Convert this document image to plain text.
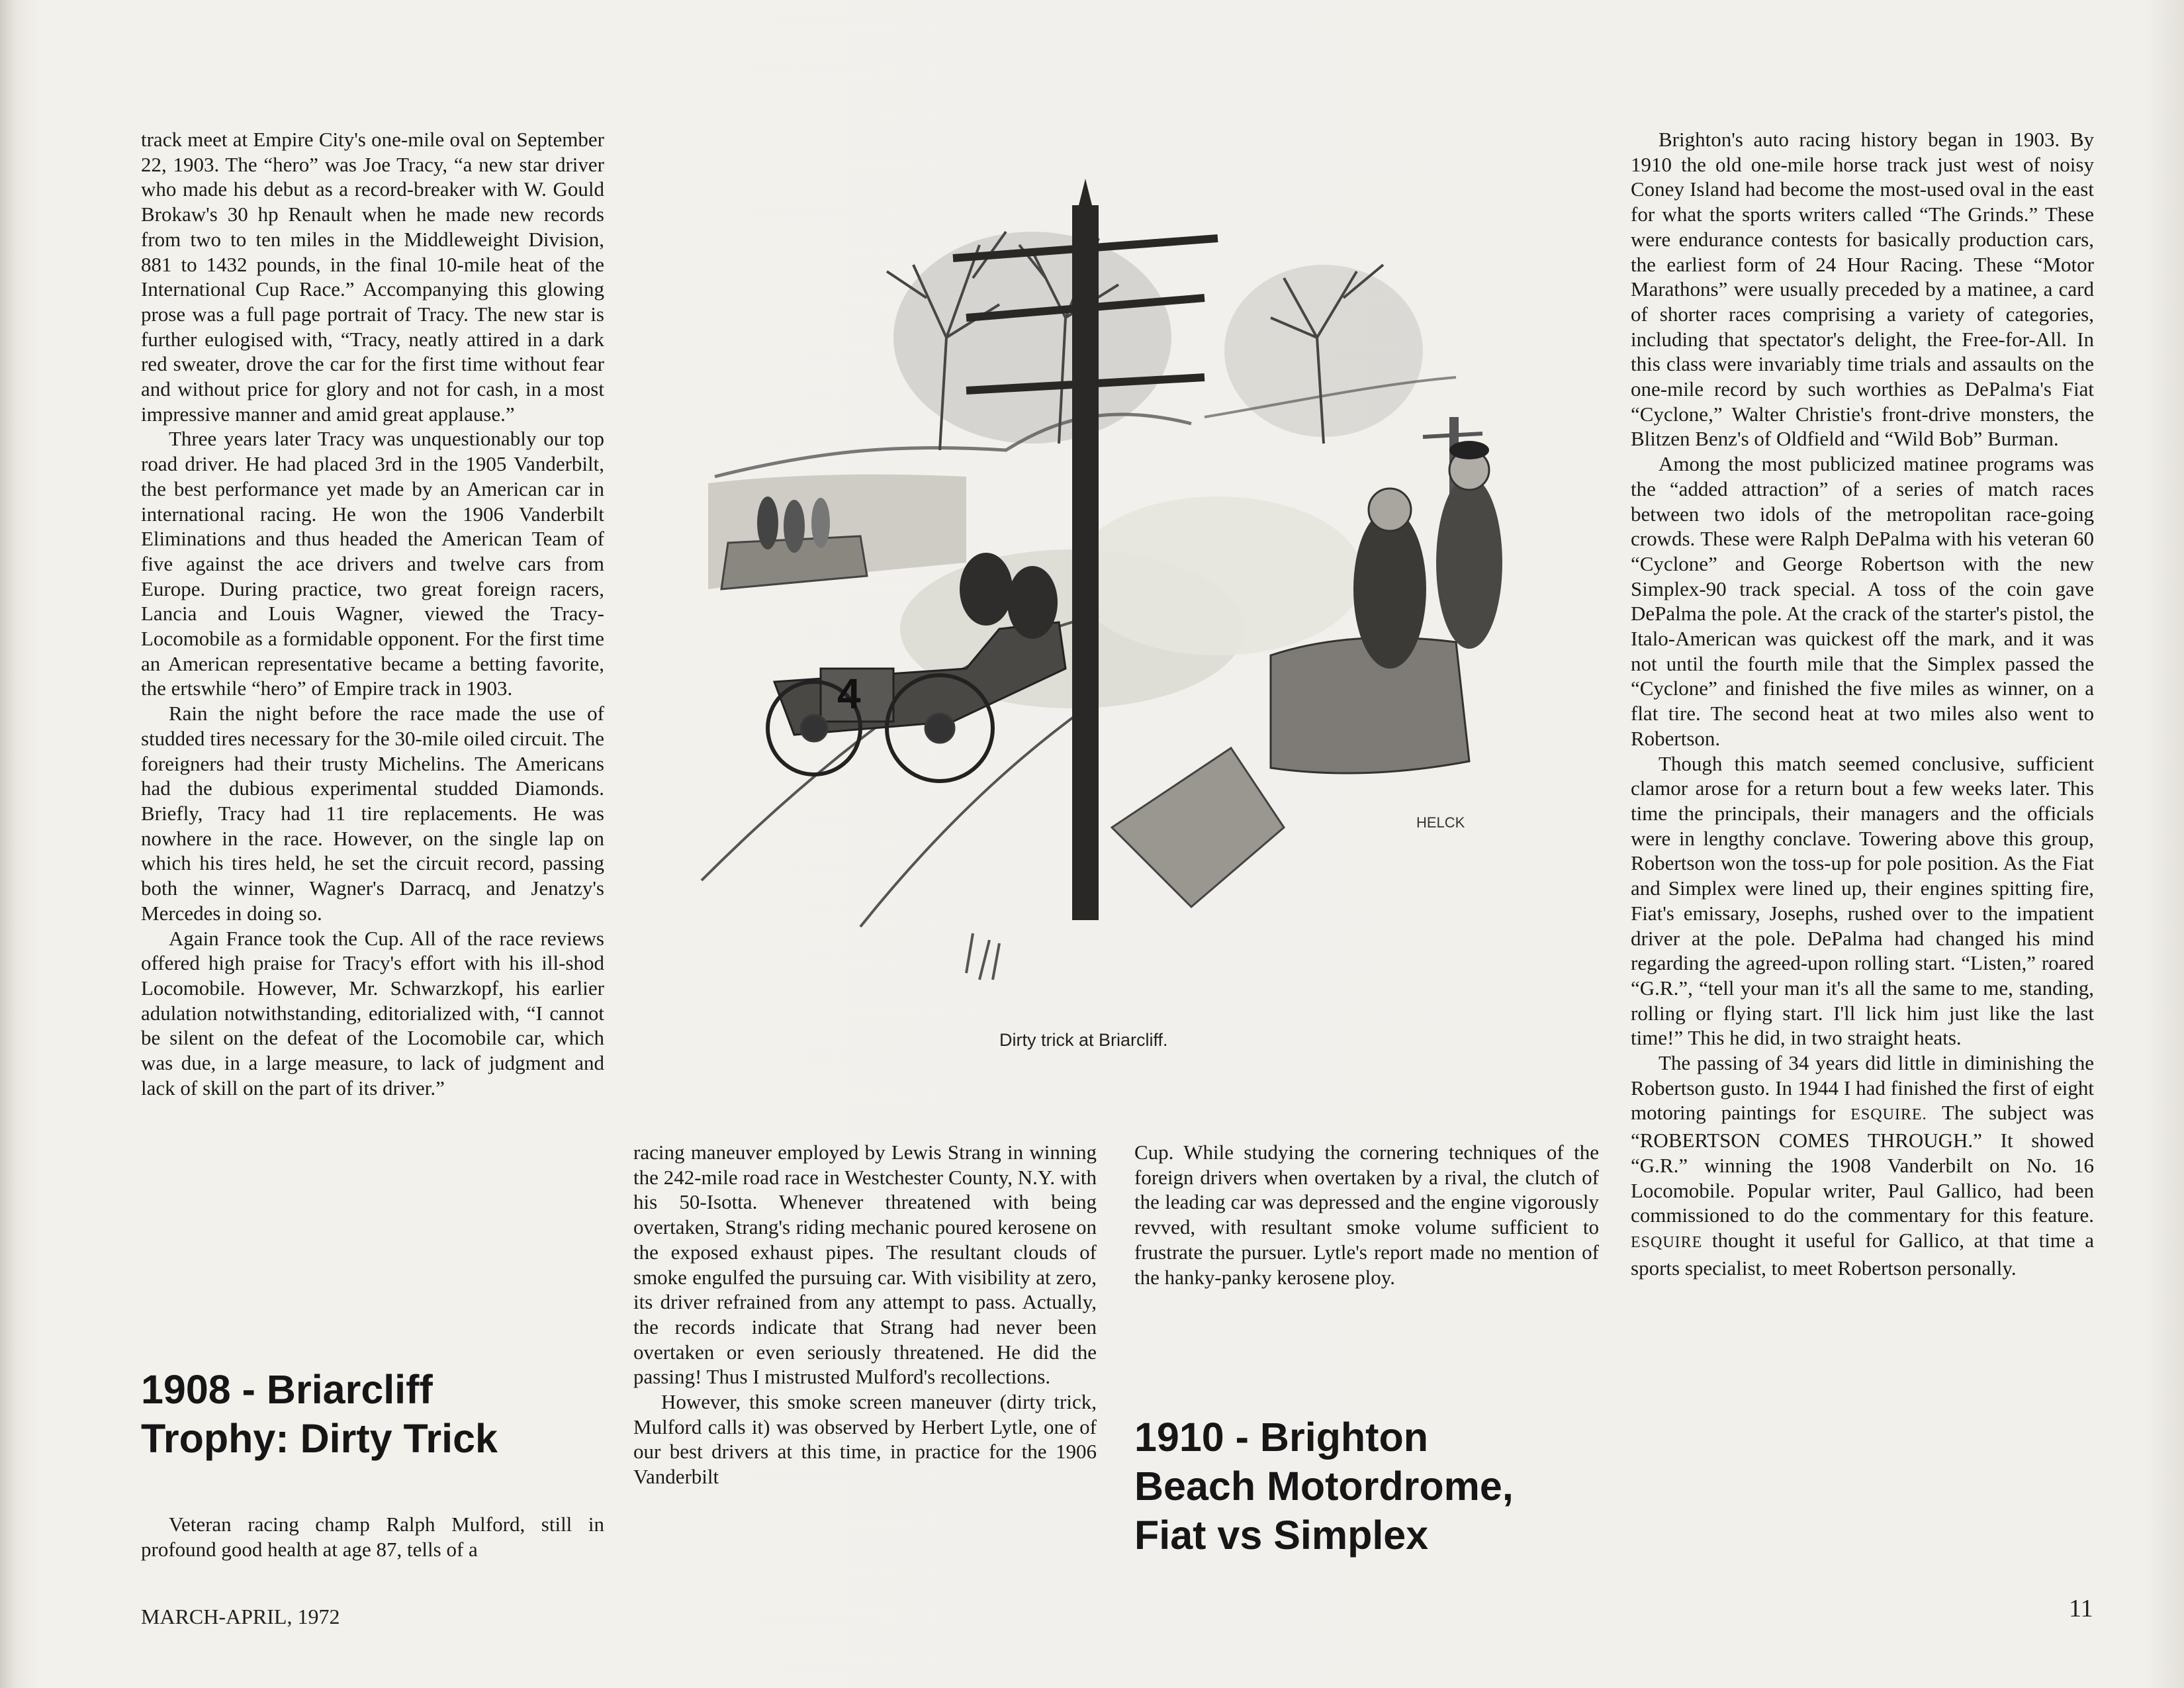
track meet at Empire City's one-mile oval on September 22, 1903. The “hero” was Joe Tracy, “a new star driver who made his debut as a record-breaker with W. Gould Brokaw's 30 hp Renault when he made new records from two to ten miles in the Middleweight Division, 881 to 1432 pounds, in the final 10-mile heat of the International Cup Race.” Accompanying this glowing prose was a full page portrait of Tracy. The new star is further eulogised with, “Tracy, neatly attired in a dark red sweater, drove the car for the first time without fear and without price for glory and not for cash, in a most impressive manner and amid great applause.”

Three years later Tracy was unquestionably our top road driver. He had placed 3rd in the 1905 Vanderbilt, the best performance yet made by an American car in international racing. He won the 1906 Vanderbilt Eliminations and thus headed the American Team of five against the ace drivers and twelve cars from Europe. During practice, two great foreign racers, Lancia and Louis Wagner, viewed the Tracy-Locomobile as a formidable opponent. For the first time an American representative became a betting favorite, the ertswhile “hero” of Empire track in 1903.

Rain the night before the race made the use of studded tires necessary for the 30-mile oiled circuit. The foreigners had their trusty Michelins. The Americans had the dubious experimental studded Diamonds. Briefly, Tracy had 11 tire replacements. He was nowhere in the race. However, on the single lap on which his tires held, he set the circuit record, passing both the winner, Wagner's Darracq, and Jenatzy's Mercedes in doing so.

Again France took the Cup. All of the race reviews offered high praise for Tracy's effort with his ill-shod Locomobile. However, Mr. Schwarzkopf, his earlier adulation notwithstanding, editorialized with, “I cannot be silent on the defeat of the Locomobile car, which was due, in a large measure, to lack of judgment and lack of skill on the part of its driver.”

1908 - Briarcliff
Trophy: Dirty Trick

Veteran racing champ Ralph Mulford, still in profound good health at age 87, tells of a

4
HELCK
Dirty trick at Briarcliff.

racing maneuver employed by Lewis Strang in winning the 242-mile road race in Westchester County, N.Y. with his 50-Isotta. Whenever threatened with being overtaken, Strang's riding mechanic poured kerosene on the exposed exhaust pipes. The resultant clouds of smoke engulfed the pursuing car. With visibility at zero, its driver refrained from any attempt to pass. Actually, the records indicate that Strang had never been overtaken or even seriously threatened. He did the passing! Thus I mistrusted Mulford's recollections.

However, this smoke screen maneuver (dirty trick, Mulford calls it) was observed by Herbert Lytle, one of our best drivers at this time, in practice for the 1906 Vanderbilt

Cup. While studying the cornering techniques of the foreign drivers when overtaken by a rival, the clutch of the leading car was depressed and the engine vigorously revved, with resultant smoke volume sufficient to frustrate the pursuer. Lytle's report made no mention of the hanky-panky kerosene ploy.

1910 - Brighton
Beach Motordrome,
Fiat vs Simplex

Brighton's auto racing history began in 1903. By 1910 the old one-mile horse track just west of noisy Coney Island had become the most-used oval in the east for what the sports writers called “The Grinds.” These were endurance contests for basically production cars, the earliest form of 24 Hour Racing. These “Motor Marathons” were usually preceded by a matinee, a card of shorter races comprising a variety of categories, including that spectator's delight, the Free-for-All. In this class were invariably time trials and assaults on the one-mile record by such worthies as DePalma's Fiat “Cyclone,” Walter Christie's front-drive monsters, the Blitzen Benz's of Oldfield and “Wild Bob” Burman.

Among the most publicized matinee programs was the “added attraction” of a series of match races between two idols of the metropolitan race-going crowds. These were Ralph DePalma with his veteran 60 “Cyclone” and George Robertson with the new Simplex-90 track special. A toss of the coin gave DePalma the pole. At the crack of the starter's pistol, the Italo-American was quickest off the mark, and it was not until the fourth mile that the Simplex passed the “Cyclone” and finished the five miles as winner, on a flat tire. The second heat at two miles also went to Robertson.

Though this match seemed conclusive, sufficient clamor arose for a return bout a few weeks later. This time the principals, their managers and the officials were in lengthy conclave. Towering above this group, Robertson won the toss-up for pole position. As the Fiat and Simplex were lined up, their engines spitting fire, Fiat's emissary, Josephs, rushed over to the impatient driver at the pole. DePalma had changed his mind regarding the agreed-upon rolling start. “Listen,” roared “G.R.”, “tell your man it's all the same to me, standing, rolling or flying start. I'll lick him just like the last time!” This he did, in two straight heats.

The passing of 34 years did little in diminishing the Robertson gusto. In 1944 I had finished the first of eight motoring paintings for ESQUIRE. The subject was “ROBERTSON COMES THROUGH.” It showed “G.R.” winning the 1908 Vanderbilt on No. 16 Locomobile. Popular writer, Paul Gallico, had been commissioned to do the commentary for this feature. ESQUIRE thought it useful for Gallico, at that time a sports specialist, to meet Robertson personally.

MARCH-APRIL, 1972	11
